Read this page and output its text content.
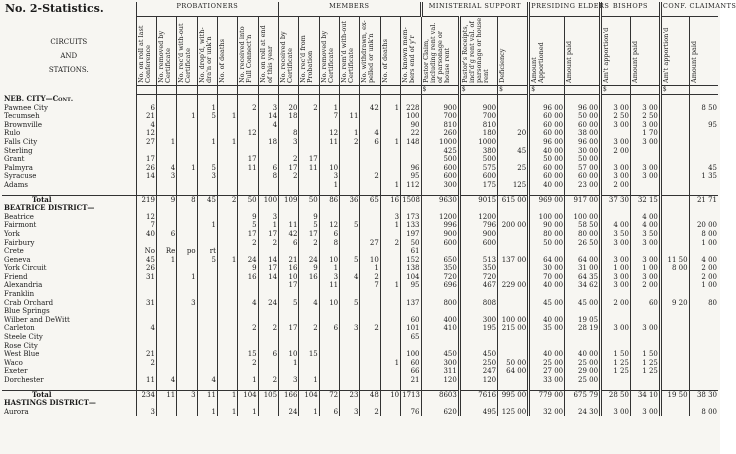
No. 2-Statistics.	PROBATIONERS							MEMBERS							MINISTERIAL SUPPORT			PRESIDING ELDERS		BISHOPS		CONF. CLAIMANTS	

CIRCUITS
AND
STATIONS.	No. on roll at last Conference	No. removed by Certificate	No. rec'd with-out Certificate	No. drop'd, with-dra'n or unk'n	No. of deaths	No. received into Full Connect'n	No. on roll at end of this year	No. received by Certificate	No. rec'd from Probation	No. removed by Certificate	No. rem'd with-out Certificate	No. withdrawn, ex-pelled or unk'n	No. of deaths	No. known mem-bers end of y'r	Pastor Claim, including rent val. of parsonage or house rent	Pastor's Receipts, incl'd'g rent val. of parsonage or house rent	Deficiency	Amount Apportioned	Amount paid	Am't apportion'd	Amount paid	Am't apportion'd	Amount paid

															$	$	$	$		$		$	
NEB. CITY—Cont.																							
Pawnee City	6			1		2	3	20	2	1		42	1	228	900	900		96 00	96 00	3 00	3 00		8 50
Tecumseh	21		1	5	1		14	18		7	11			100	700	700		60 00	50 00	2 50	2 50		
Brownville	4						4							90	810	810		60 00	60 00	3 00	3 00		95
Rulo	12					12		8		12	1	4		22	260	180	20	60 00	38 00		1 70		
Falls City	27	1		1	1		18	3		11	2	6	1	148	1000	1000		96 00	96 00	3 00	3 00		
Sterling															425	380	45	40 00	30 00	2 00			
Grant	17					17		2	17						500	500		50 00	50 00				
Palmyra	26	4	1	5		11	6	17	11	10				96	600	575	25	60 00	57 00	3 00	3 00		45
Syracuse	14	3		3			8	2		3		2		95	600	600		60 00	60 00	3 00	3 00		1 35
Adams										1			1	112	300	175	125	40 00	23 00	2 00			

Total	219	9	8	45	2	50	100	109	50	86	36	65	16	1508	9630	9015	615 00	969 00	917 00	37 30	32 15		21 71
BEATRICE DISTRICT—																							
Beatrice	12					9	3		9				3	173	1200	1200		100 00	100 00		4 00		
Fairmont	7			1		5	1	11	5	12	5		1	133	996	796	200 00	90 00	58 50	4 00	4 00		20 00
York	40	6				17	17	42	17	6				197	900	900		80 00	80 00	3 50	3 50		8 00
Fairbury						2	2	6	2	8		27	2	50	600	600		50 00	26 50	3 00	3 00		1 00
Crete	No	Re	po	rt										61									
Geneva	45	1		5	1	24	14	21	24	10	5	10		152	650	513	137 00	64 00	64 00	3 00	3 00	11 50	4 00
York Circuit	26					9	17	16	9	1		1		138	350	350		30 00	31 00	1 00	1 00	8 00	2 00
Friend	31		1			16	14	10	16	3	4	2		104	720	720		70 00	64 35	3 00	3 00		2 00
Alexandria								17		11		7	1	95	696	467	229 00	40 00	34 62	3 00	2 00		1 00
Franklin																							
Crab Orchard	31		3			4	24	5	4	10	5			137	800	808		45 00	45 00	2 00	60	9 20	80
Blue Springs																							
Wilber and DeWitt														60	400	300	100 00	40 00	19 05				
Carleton	4					2	2	17	2	6	3	2		101	410	195	215 00	35 00	28 19	3 00	3 00		
Steele City														65									
Rose City																							
West Blue	21					15	6	10	15					100	450	450		40 00	40 00	1 50	1 50		
Waco	2					2		1					1	60	300	250	50 00	25 00	25 00	1 25	1 25		
Exeter														66	311	247	64 00	27 00	29 00	1 25	1 25		
Dorchester	11	4		4		1	2	3	1					21	120	120		33 00	25 00				

Total	234	11	3	11	1	104	105	166	104	72	23	48	10	1713	8603	7616	995 00	779 00	675 79	28 50	34 10	19 50	38 30
HASTINGS DISTRICT—																							
Aurora	3			1	1	1		24	1	6	3	2		76	620	495	125 00	32 00	24 30	3 00	3 00		8 00
